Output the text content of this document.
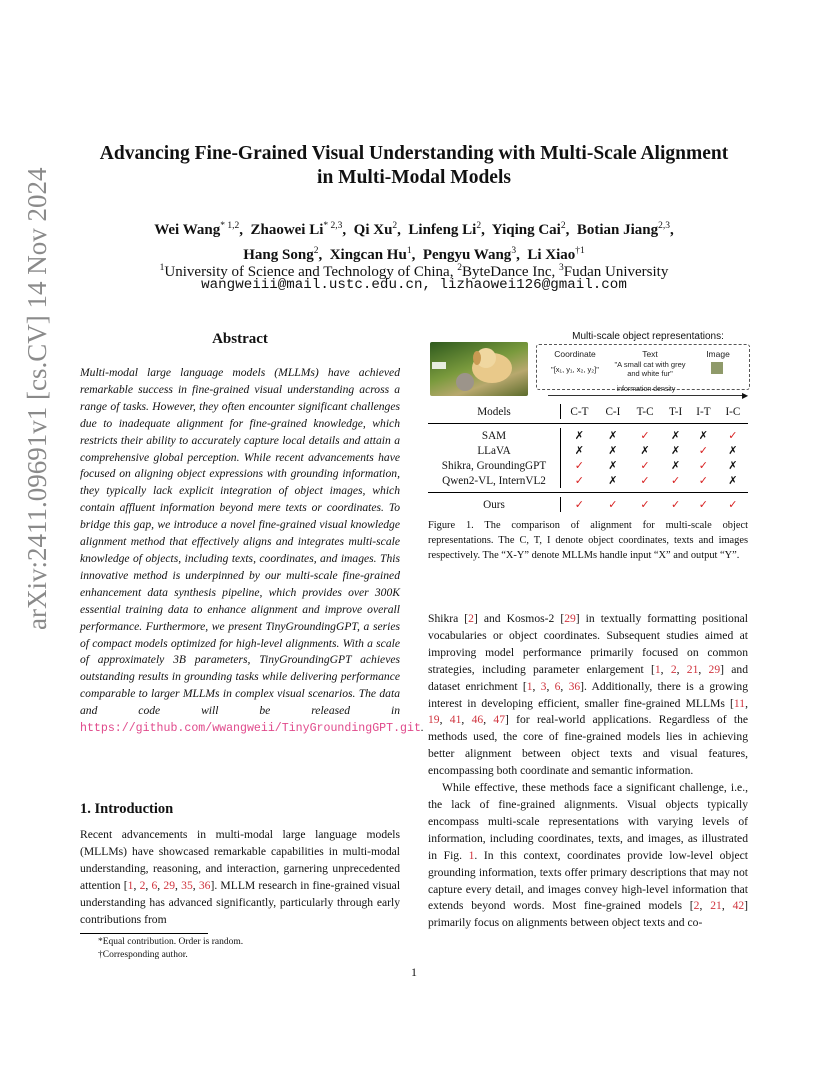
arXiv:2411.09691v1 [cs.CV] 14 Nov 2024
Advancing Fine-Grained Visual Understanding with Multi-Scale Alignment
in Multi-Modal Models
Wei Wang$^{* 1,2}$,  Zhaowei Li$^{* 2,3}$,  Qi Xu$^2$,  Linfeng Li$^2$,  Yiqing Cai$^2$,  Botian Jiang$^{2,3}$,
Hang Song$^2$,  Xingcan Hu$^1$,  Pengyu Wang$^3$,  Li Xiao$^{\dagger 1}$
$^1$University of Science and Technology of China, $^2$ByteDance Inc, $^3$Fudan University
wangweiii@mail.ustc.edu.cn, lizhaowei126@gmail.com
Abstract
Multi-modal large language models (MLLMs) have achieved remarkable success in fine-grained visual understanding across a range of tasks. However, they often encounter significant challenges due to inadequate alignment for fine-grained knowledge, which restricts their ability to accurately capture local details and attain a comprehensive global perception. While recent advancements have focused on aligning object expressions with grounding information, they typically lack explicit integration of object images, which contain affluent information beyond mere texts or coordinates. To bridge this gap, we introduce a novel fine-grained visual knowledge alignment method that effectively aligns and integrates multi-scale knowledge of objects, including texts, coordinates, and images. This innovative method is underpinned by our multi-scale fine-grained enhancement data synthesis pipeline, which provides over 300K essential training data to enhance alignment and improve overall performance. Furthermore, we present TinyGroundingGPT, a series of compact models optimized for high-level alignments. With a scale of approximately 3B parameters, TinyGroundingGPT achieves outstanding results in grounding tasks while delivering performance comparable to larger MLLMs in complex visual scenarios. The data and code will be released in https://github.com/wwangweii/TinyGroundingGPT.git.
1. Introduction
Recent advancements in multi-modal large language models (MLLMs) have showcased remarkable capabilities in multi-modal understanding, reasoning, and interaction, garnering unprecedented attention [1, 2, 6, 29, 35, 36]. MLLM research in fine-grained visual understanding has advanced significantly, particularly through early contributions from
*Equal contribution. Order is random.
†Corresponding author.
Multi-scale object representations:
Coordinate
"[x₁, y₁, x₂, y₂]"
Text
"A small cat with grey and white fur"
Image
▶
information density
Models	C-T	C-I	T-C	T-I	I-T	I-C

SAM	✗	✗	✓	✗	✗	✓
LLaVA	✗	✗	✗	✗	✓	✗
Shikra, GroundingGPT	✓	✗	✓	✗	✓	✗
Qwen2-VL, InternVL2	✓	✗	✓	✓	✓	✗

Ours	✓	✓	✓	✓	✓	✓
Figure 1. The comparison of alignment for multi-scale object representations. The C, T, I denote object coordinates, texts and images respectively. The “X-Y” denote MLLMs handle input “X” and output “Y”.

Shikra [2] and Kosmos-2 [29] in textually formatting positional vocabularies or object coordinates. Subsequent studies aimed at improving model performance primarily focused on common strategies, including parameter enlargement [1, 2, 21, 29] and dataset enrichment [1, 3, 6, 36]. Additionally, there is a growing interest in developing efficient, smaller fine-grained MLLMs [11, 19, 41, 46, 47] for real-world applications. Regardless of the methods used, the core of fine-grained models lies in achieving better alignment between object texts and visual features, encompassing both coordinate and semantic information.

While effective, these methods face a significant challenge, i.e., the lack of fine-grained alignments. Visual objects typically encompass multi-scale representations with varying levels of information, including coordinates, texts, and images, as illustrated in Fig. 1. In this context, coordinates provide low-level object grounding information, texts offer primary descriptions that may not capture every detail, and images convey high-level information that extends beyond words. Most fine-grained models [2, 21, 42] primarily focus on alignments between object texts and co-

1
